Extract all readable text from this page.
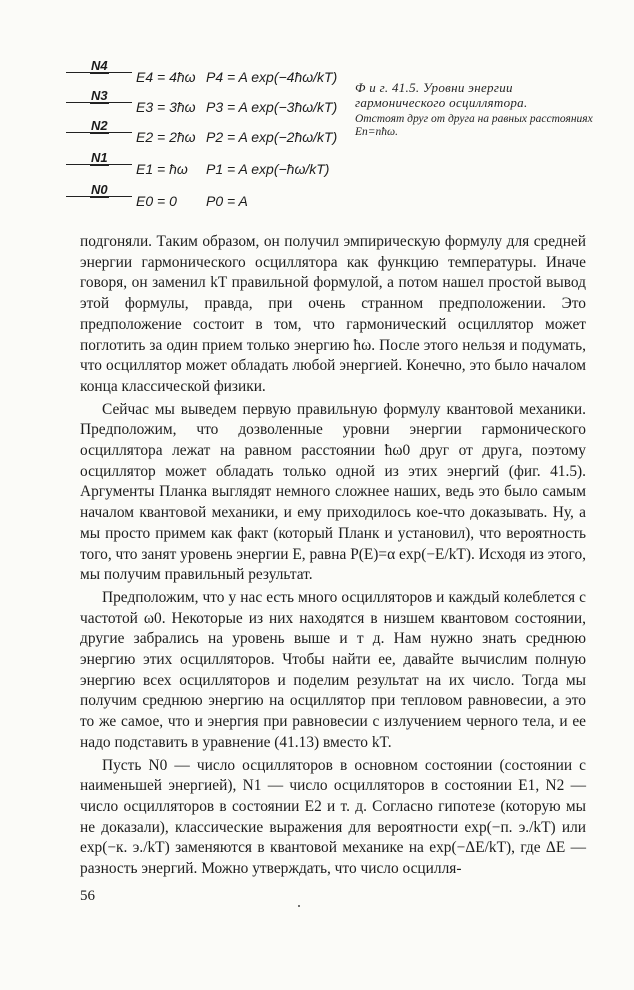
N4
E4 = 4ħω P4 = A exp(−4ħω/kT)
N3
E3 = 3ħω P3 = A exp(−3ħω/kT)
N2
E2 = 2ħω P2 = A exp(−2ħω/kT)
N1
E1 = ħω P1 = A exp(−ħω/kT)
N0
E0 = 0 P0 = A
Ф и г. 41.5. Уровни энергии гармонического осциллятора.
Отстоят друг от друга на равных расстояниях En=nħω.

подгоняли. Таким образом, он получил эмпирическую формулу для средней энергии гармонического осциллятора как функцию температуры. Иначе говоря, он заменил kT правильной формулой, а потом нашел простой вывод этой формулы, правда, при очень странном предположении. Это предположение состоит в том, что гармонический осциллятор может поглотить за один прием только энергию ħω. После этого нельзя и подумать, что осциллятор может обладать любой энергией. Конечно, это было началом конца классической физики.

Сейчас мы выведем первую правильную формулу квантовой механики. Предположим, что дозволенные уровни энергии гармонического осциллятора лежат на равном расстоянии ħω0 друг от друга, поэтому осциллятор может обладать только одной из этих энергий (фиг. 41.5). Аргументы Планка выглядят немного сложнее наших, ведь это было самым началом квантовой механики, и ему приходилось кое-что доказывать. Ну, а мы просто примем как факт (который Планк и установил), что вероятность того, что занят уровень энергии E, равна P(E)=α exp(−E/kT). Исходя из этого, мы получим правильный результат.

Предположим, что у нас есть много осцилляторов и каждый колеблется с частотой ω0. Некоторые из них находятся в низшем квантовом состоянии, другие забрались на уровень выше и т д. Нам нужно знать среднюю энергию этих осцилляторов. Чтобы найти ее, давайте вычислим полную энергию всех осцилляторов и поделим результат на их число. Тогда мы получим среднюю энергию на осциллятор при тепловом равновесии, а это то же самое, что и энергия при равновесии с излучением черного тела, и ее надо подставить в уравнение (41.13) вместо kT.

Пусть N0 — число осцилляторов в основном состоянии (состоянии с наименьшей энергией), N1 — число осцилляторов в состоянии E1, N2 — число осцилляторов в состоянии E2 и т. д. Согласно гипотезе (которую мы не доказали), классические выражения для вероятности exp(−п. э./kT) или exp(−к. э./kT) заменяются в квантовой механике на exp(−ΔE/kT), где ΔE — разность энергий. Можно утверждать, что число осцилля-

56
